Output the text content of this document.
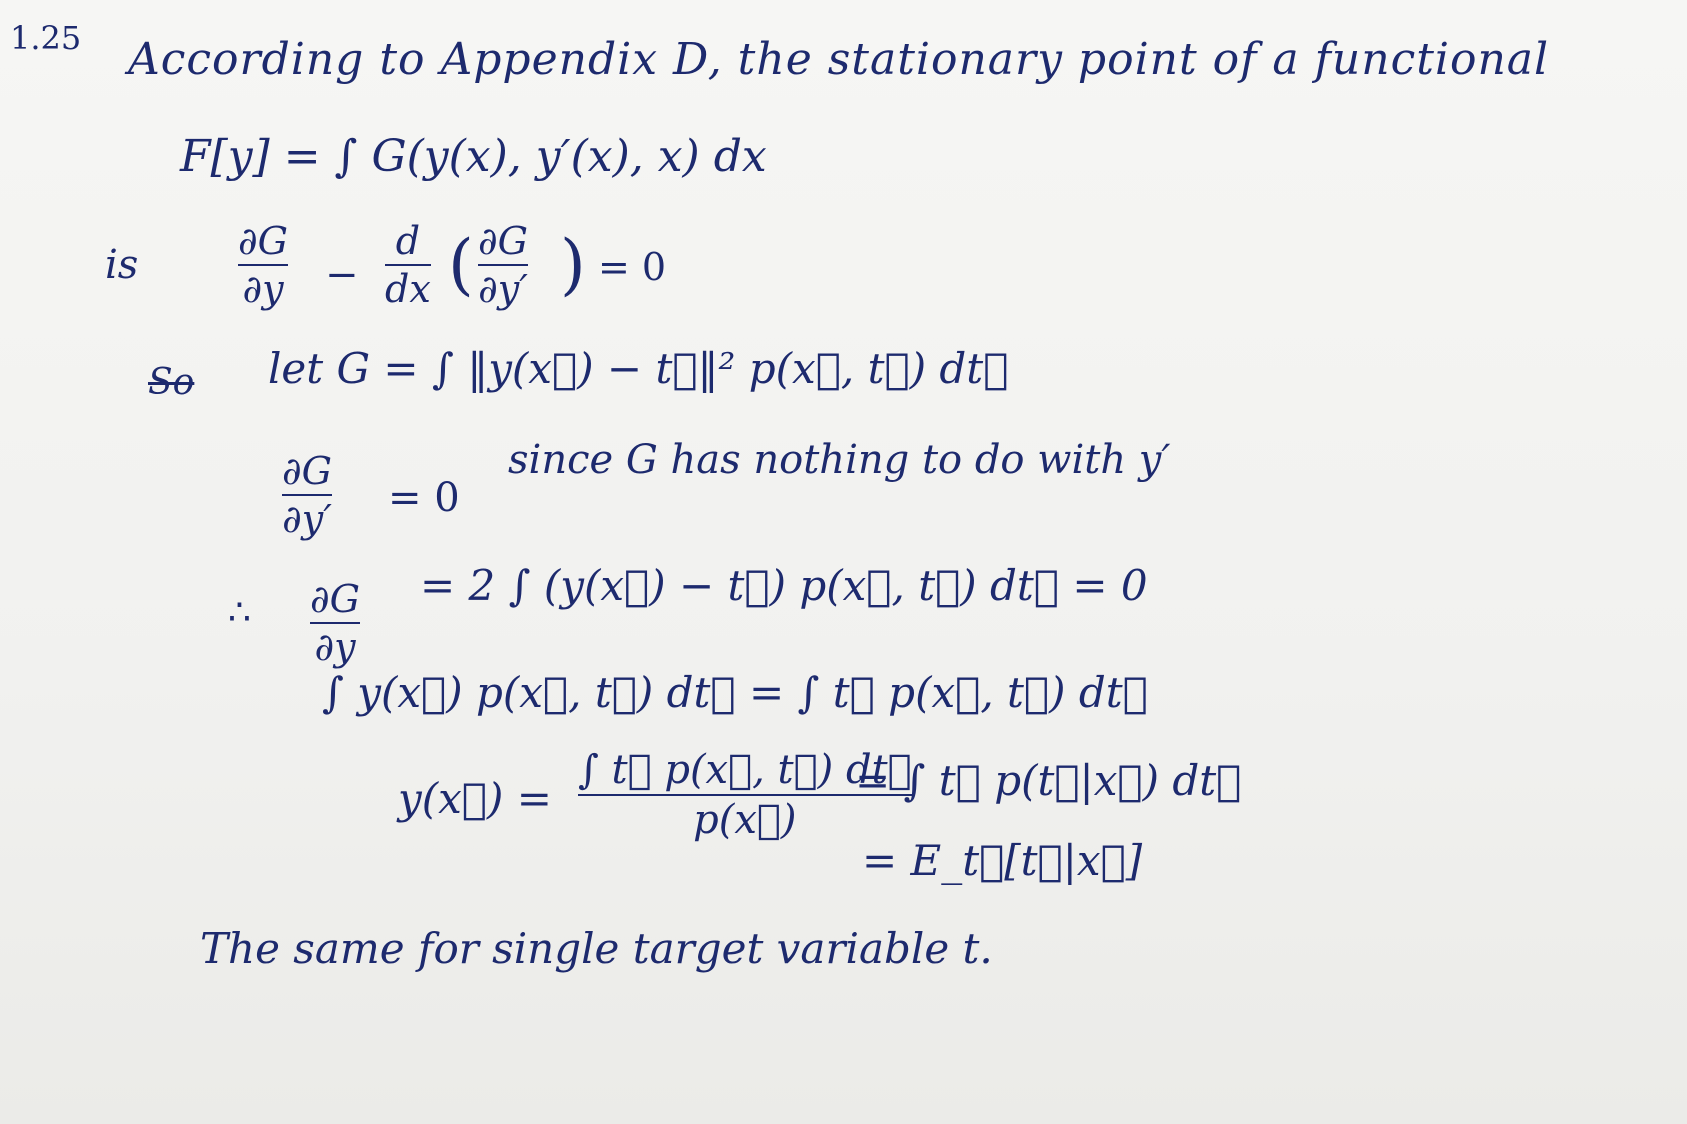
1.25 According to Appendix D, the stationary point of a functional
F[y] = ∫ G(y(x), y′(x), x) dx
is
∂G
∂y −
d
dx ( ∂G
∂y′ ) = 0
So let G = ∫ ‖y(x⃗) − t⃗‖² p(x⃗, t⃗) dt⃗
∂G
∂y′ = 0
since G has nothing to do with y′
∴ ∂G
∂y
= 2 ∫ (y(x⃗) − t⃗) p(x⃗, t⃗) dt⃗ = 0
∫ y(x⃗) p(x⃗, t⃗) dt⃗ = ∫ t⃗ p(x⃗, t⃗) dt⃗
y(x⃗) =
∫ t⃗ p(x⃗, t⃗) dt⃗
p(x⃗)
= ∫ t⃗ p(t⃗|x⃗) dt⃗
= E_t⃗[t⃗|x⃗]
The same for single target variable t.
